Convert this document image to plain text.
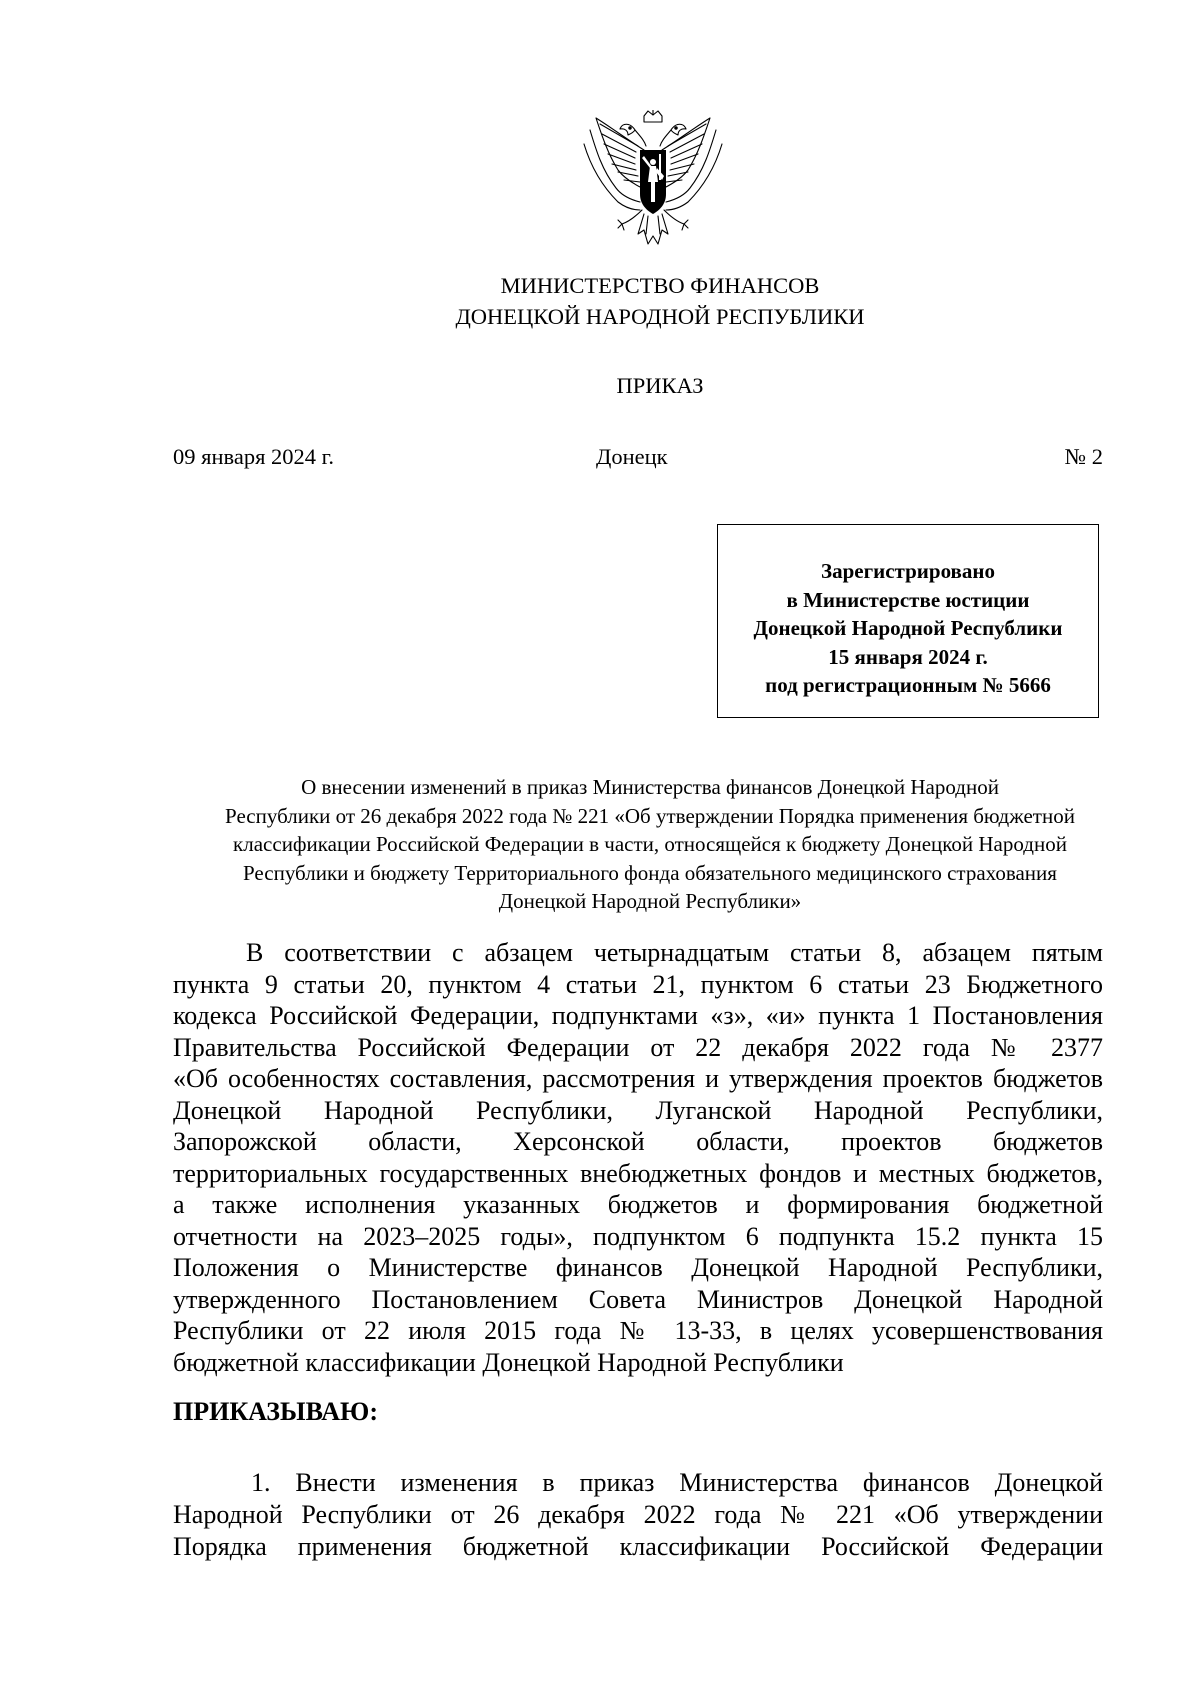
МИНИСТЕРСТВО ФИНАНСОВ
ДОНЕЦКОЙ НАРОДНОЙ РЕСПУБЛИКИ
ПРИКАЗ
09 января 2024 г.	Донецк	№ 2
Зарегистрировано
в Министерстве юстиции
Донецкой Народной Республики
15 января 2024 г.
под регистрационным № 5666
О внесении изменений в приказ Министерства финансов Донецкой Народной
Республики от 26 декабря 2022 года № 221 «Об утверждении Порядка применения бюджетной
классификации Российской Федерации в части, относящейся к бюджету Донецкой Народной
Республики и бюджету Территориального фонда обязательного медицинского страхования
Донецкой Народной Республики»
В соответствии с абзацем четырнадцатым статьи 8, абзацем пятым
пункта 9 статьи 20, пунктом 4 статьи 21, пунктом 6 статьи 23 Бюджетного
кодекса Российской Федерации, подпунктами «з», «и» пункта 1 Постановления
Правительства Российской Федерации от 22 декабря 2022 года № 2377
«Об особенностях составления, рассмотрения и утверждения проектов бюджетов
Донецкой Народной Республики, Луганской Народной Республики,
Запорожской области, Херсонской области, проектов бюджетов
территориальных государственных внебюджетных фондов и местных бюджетов,
а также исполнения указанных бюджетов и формирования бюджетной
отчетности на 2023–2025 годы», подпунктом 6 подпункта 15.2 пункта 15
Положения о Министерстве финансов Донецкой Народной Республики,
утвержденного Постановлением Совета Министров Донецкой Народной
Республики от 22 июля 2015 года № 13-33, в целях усовершенствования
бюджетной классификации Донецкой Народной Республики
ПРИКАЗЫВАЮ:
1. Внести изменения в приказ Министерства финансов Донецкой
Народной Республики от 26 декабря 2022 года № 221 «Об утверждении
Порядка применения бюджетной классификации Российской Федерации
